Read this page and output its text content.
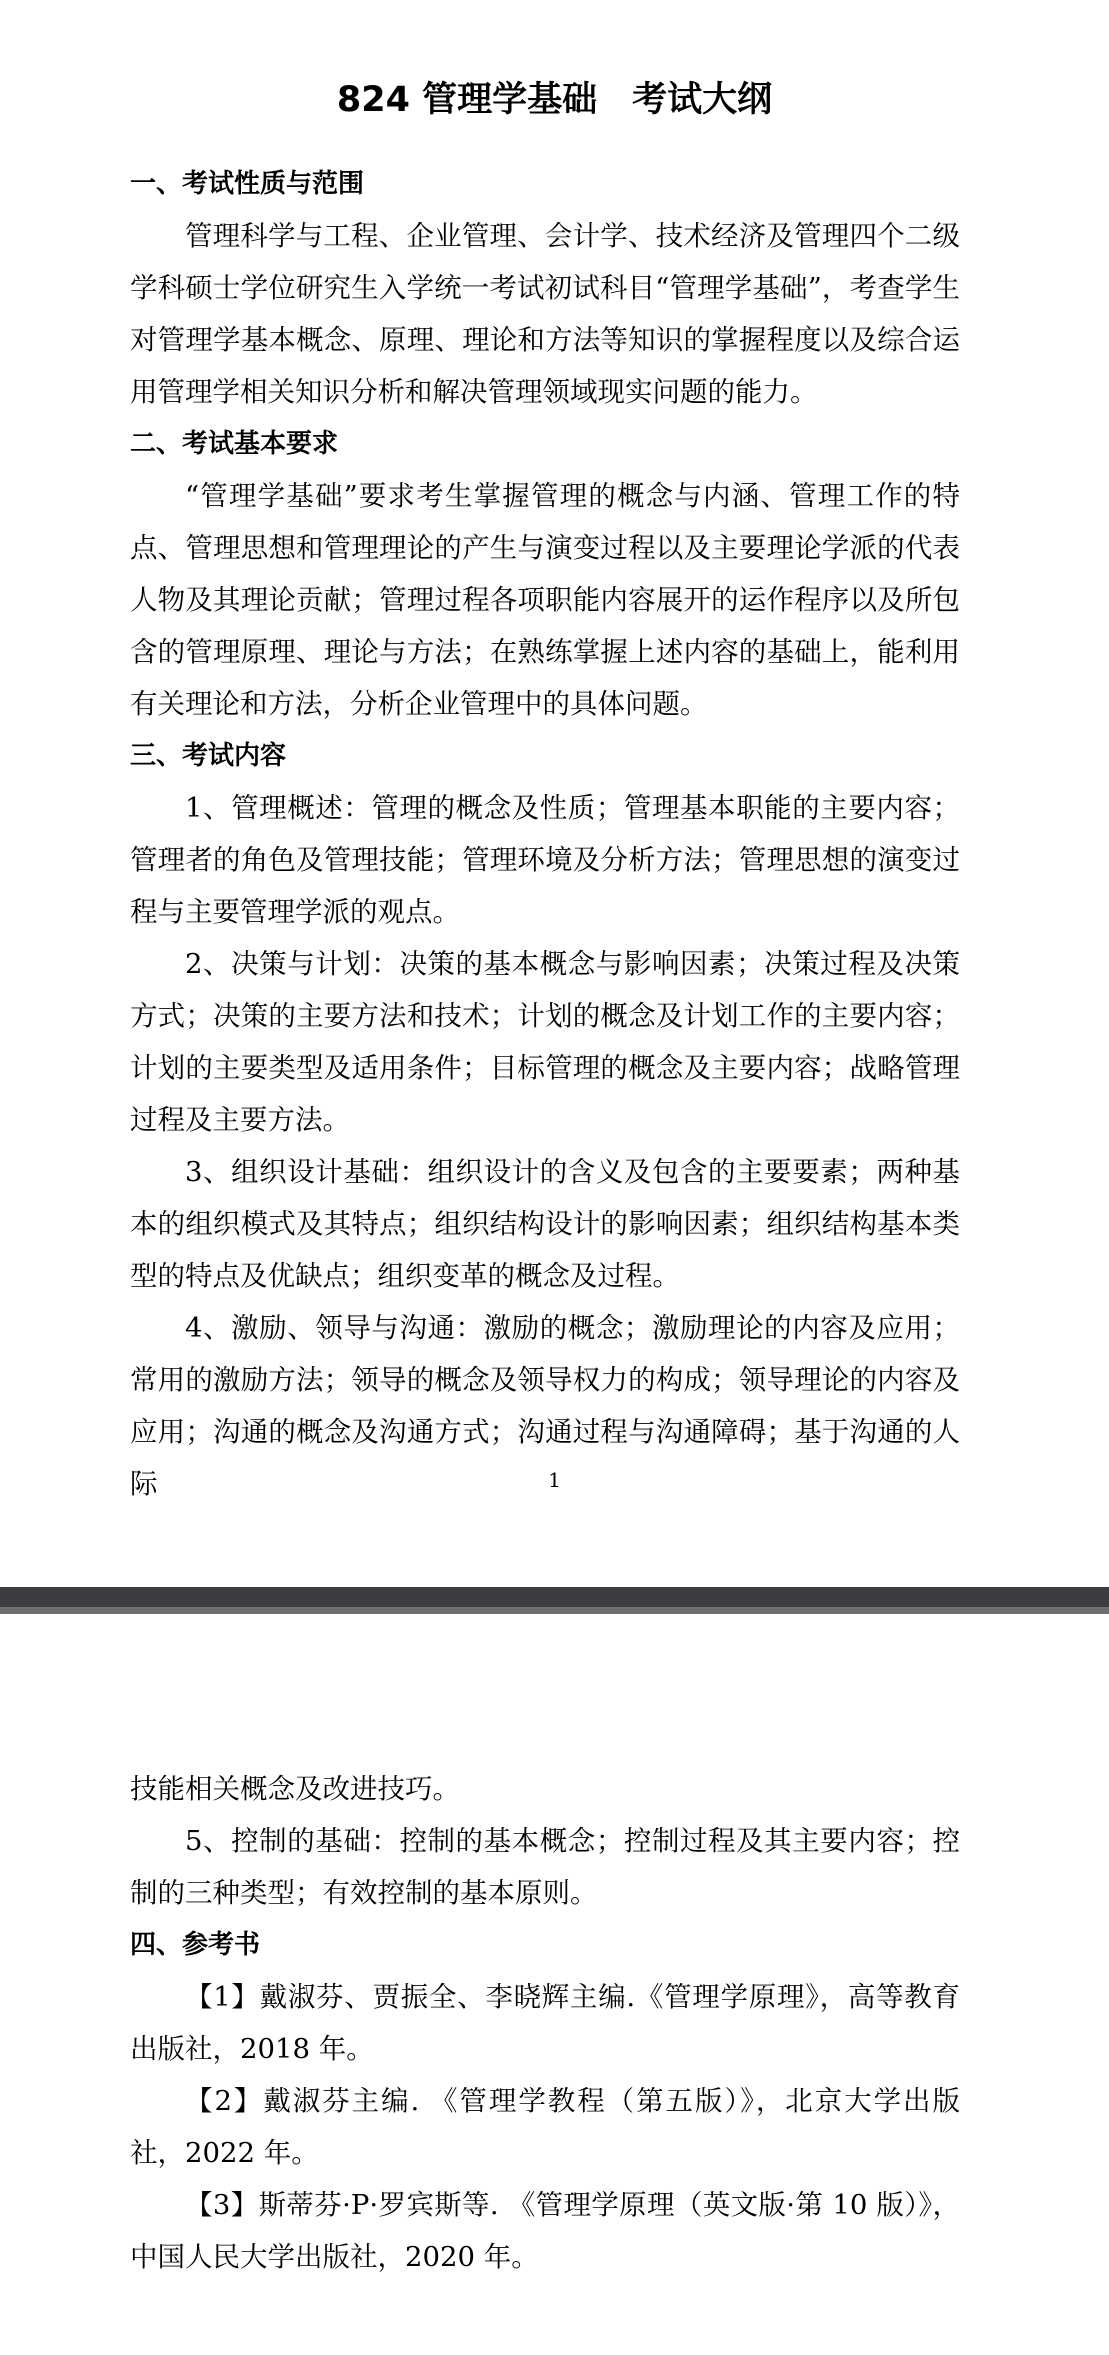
824 管理学基础　考试大纲
一、考试性质与范围

管理科学与工程、企业管理、会计学、技术经济及管理四个二级学科硕士学位研究生入学统一考试初试科目“管理学基础”，考查学生对管理学基本概念、原理、理论和方法等知识的掌握程度以及综合运用管理学相关知识分析和解决管理领域现实问题的能力。

二、考试基本要求

“管理学基础”要求考生掌握管理的概念与内涵、管理工作的特点、管理思想和管理理论的产生与演变过程以及主要理论学派的代表人物及其理论贡献；管理过程各项职能内容展开的运作程序以及所包含的管理原理、理论与方法；在熟练掌握上述内容的基础上，能利用有关理论和方法，分析企业管理中的具体问题。

三、考试内容

1、管理概述：管理的概念及性质；管理基本职能的主要内容；管理者的角色及管理技能；管理环境及分析方法；管理思想的演变过程与主要管理学派的观点。

2、决策与计划：决策的基本概念与影响因素；决策过程及决策方式；决策的主要方法和技术；计划的概念及计划工作的主要内容；计划的主要类型及适用条件；目标管理的概念及主要内容；战略管理过程及主要方法。

3、组织设计基础：组织设计的含义及包含的主要要素；两种基本的组织模式及其特点；组织结构设计的影响因素；组织结构基本类型的特点及优缺点；组织变革的概念及过程。

4、激励、领导与沟通：激励的概念；激励理论的内容及应用；常用的激励方法；领导的概念及领导权力的构成；领导理论的内容及应用；沟通的概念及沟通方式；沟通过程与沟通障碍；基于沟通的人际	1

技能相关概念及改进技巧。

5、控制的基础：控制的基本概念；控制过程及其主要内容；控制的三种类型；有效控制的基本原则。

四、参考书

【1】戴淑芬、贾振全、李晓辉主编.《管理学原理》，高等教育出版社，2018 年。

【2】戴淑芬主编. 《管理学教程（第五版）》，北京大学出版社，2022 年。

【3】斯蒂芬·P·罗宾斯等. 《管理学原理（英文版·第 10 版）》，中国人民大学出版社，2020 年。
